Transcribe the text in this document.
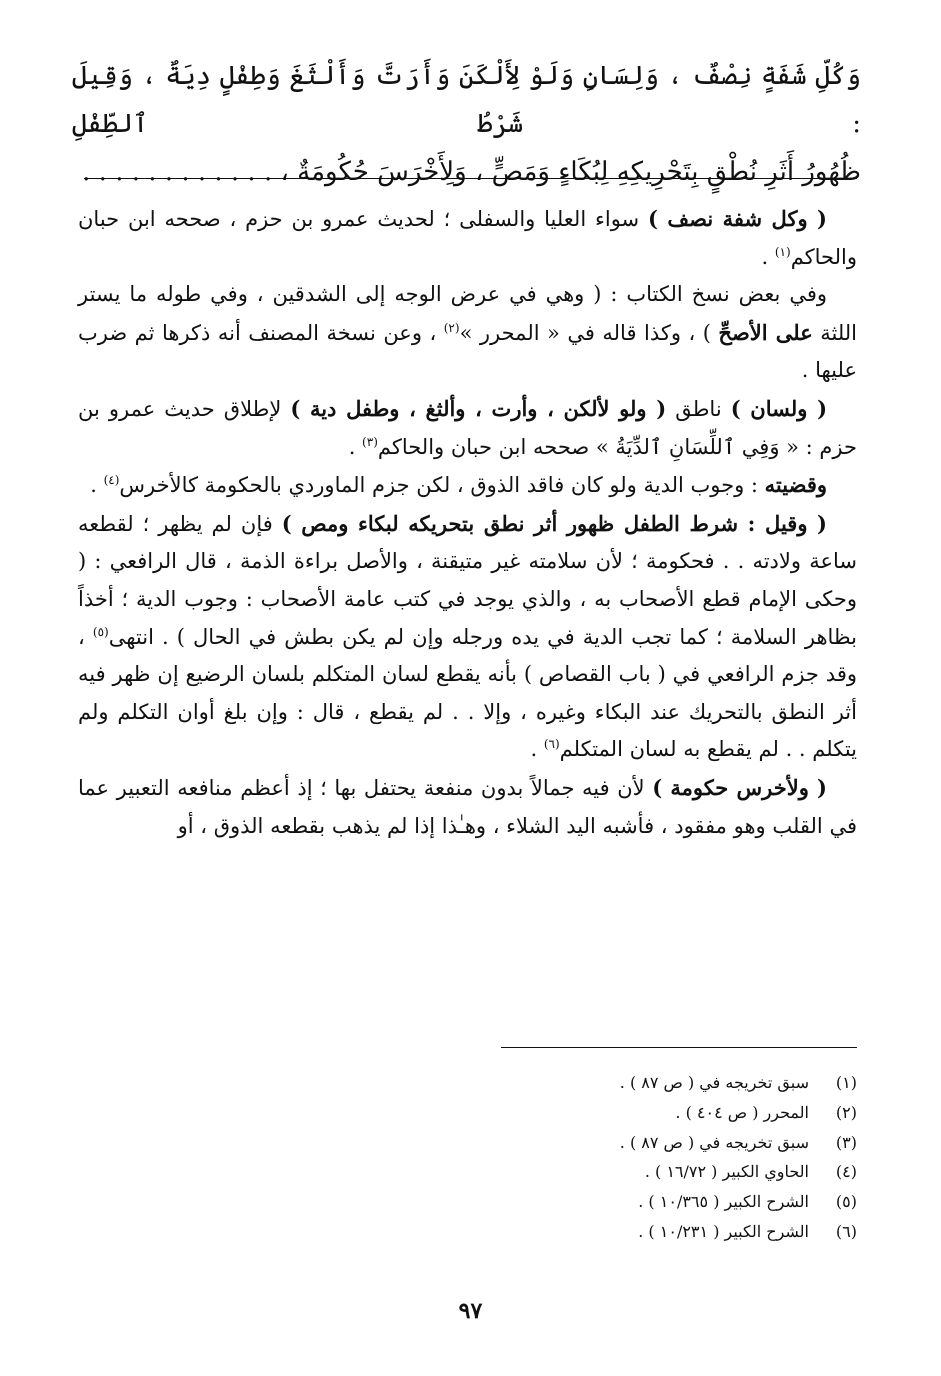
وَكُلِّ شَفَةٍ نِصْفٌ ، وَلِسَانٍ وَلَوْ لِأَلْكَنَ وَأَرَتَّ وَأَلْثَغَ وَطِفْلٍ دِيَةٌ ، وَقِيلَ : شَرْطُ ٱلطِّفْلِ

ظُهُورُ أَثَرِ نُطْقٍ بِتَحْرِيكِهِ لِبُكَاءٍ وَمَصٍّ ، وَلِأَخْرَسَ حُكُومَةٌ ، . . . . . . . . . . . .

( وكل شفة نصف ) سواء العليا والسفلى ؛ لحديث عمرو بن حزم ، صححه ابن حبان والحاكم$^{(١)}$ .

وفي بعض نسخ الكتاب : ( وهي في عرض الوجه إلى الشدقين ، وفي طوله ما يستر اللثة على الأصحِّ ) ، وكذا قاله في « المحرر »$^{(٢)}$ ، وعن نسخة المصنف أنه ذكرها ثم ضرب عليها .

( ولسان ) ناطق ( ولو لألكن ، وأرت ، وألثغ ، وطفل دية ) لإطلاق حديث عمرو بن حزم : « وَفِي ٱللِّسَانِ ٱلدِّيَةُ » صححه ابن حبان والحاكم$^{(٣)}$ .

وقضيته : وجوب الدية ولو كان فاقد الذوق ، لكن جزم الماوردي بالحكومة كالأخرس$^{(٤)}$ .

( وقيل : شرط الطفل ظهور أثر نطق بتحريكه لبكاء ومص ) فإن لم يظهر ؛ لقطعه ساعة ولادته . . فحكومة ؛ لأن سلامته غير متيقنة ، والأصل براءة الذمة ، قال الرافعي : ( وحكى الإمام قطع الأصحاب به ، والذي يوجد في كتب عامة الأصحاب : وجوب الدية ؛ أخذاً بظاهر السلامة ؛ كما تجب الدية في يده ورجله وإن لم يكن بطش في الحال ) . انتهى$^{(٥)}$ ، وقد جزم الرافعي في ( باب القصاص ) بأنه يقطع لسان المتكلم بلسان الرضيع إن ظهر فيه أثر النطق بالتحريك عند البكاء وغيره ، وإلا . . لم يقطع ، قال : وإن بلغ أوان التكلم ولم يتكلم . . لم يقطع به لسان المتكلم$^{(٦)}$ .

( ولأخرس حكومة ) لأن فيه جمالاً بدون منفعة يحتفل بها ؛ إذ أعظم منافعه التعبير عما في القلب وهو مفقود ، فأشبه اليد الشلاء ، وهـٰذا إذا لم يذهب بقطعه الذوق ، أو

(١)
سبق تخريجه في ( ص ٨٧ ) .
(٢)
المحرر ( ص ٤٠٤ ) .
(٣)
سبق تخريجه في ( ص ٨٧ ) .
(٤)
الحاوي الكبير ( ١٦/٧٢ ) .
(٥)
الشرح الكبير ( ١٠/٣٦٥ ) .
(٦)
الشرح الكبير ( ١٠/٢٣١ ) .
٩٧
